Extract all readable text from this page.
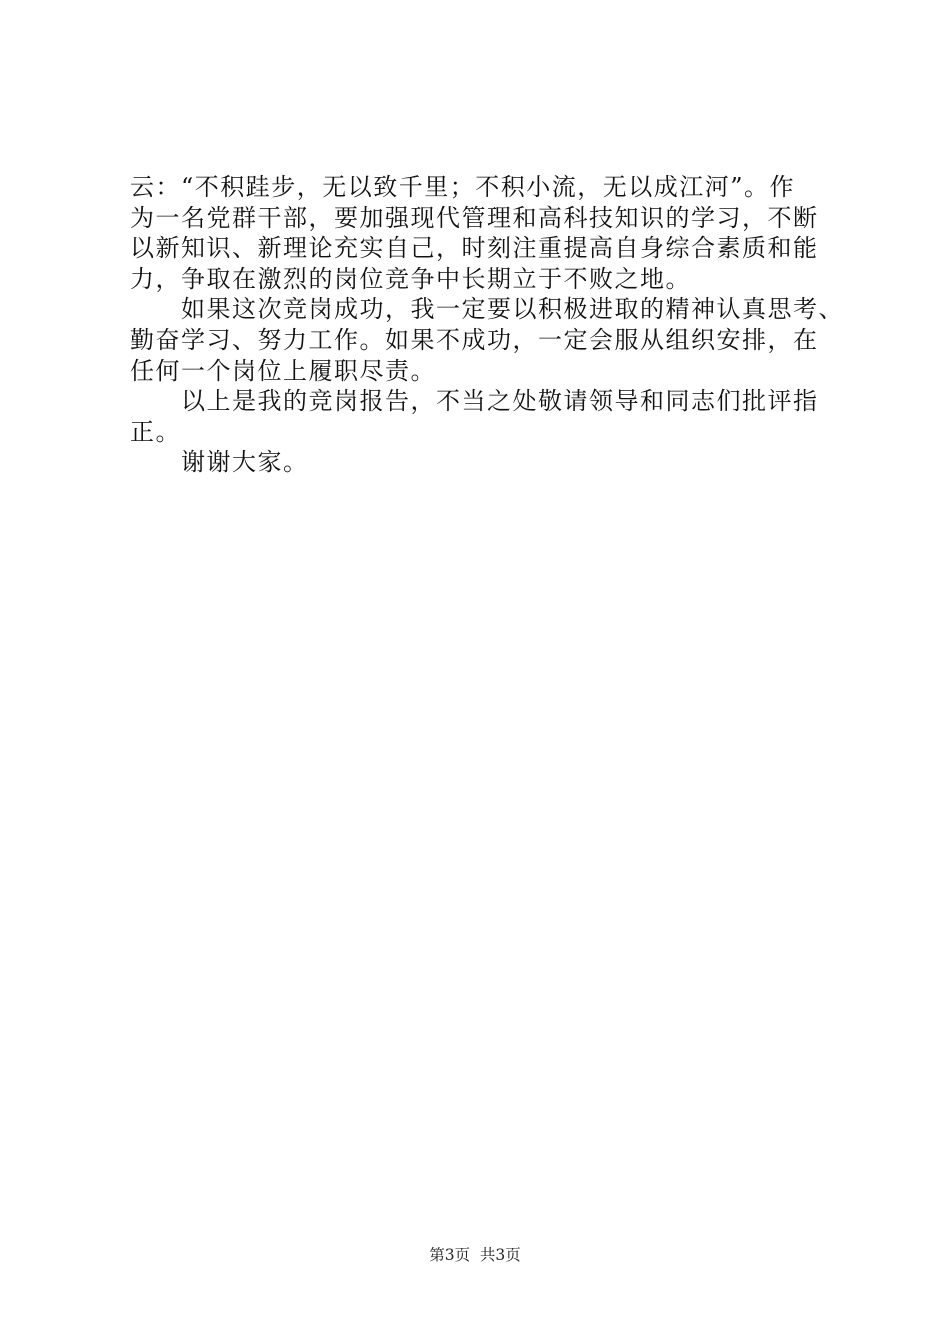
云：“不积跬步，无以致千里；不积小流，无以成江河”。作
为一名党群干部，要加强现代管理和高科技知识的学习，不断
以新知识、新理论充实自己，时刻注重提高自身综合素质和能
力，争取在激烈的岗位竞争中长期立于不败之地。
　　如果这次竞岗成功，我一定要以积极进取的精神认真思考、
勤奋学习、努力工作。如果不成功，一定会服从组织安排，在
任何一个岗位上履职尽责。
　　以上是我的竞岗报告，不当之处敬请领导和同志们批评指
正。
　　谢谢大家。
第3页  共3页
